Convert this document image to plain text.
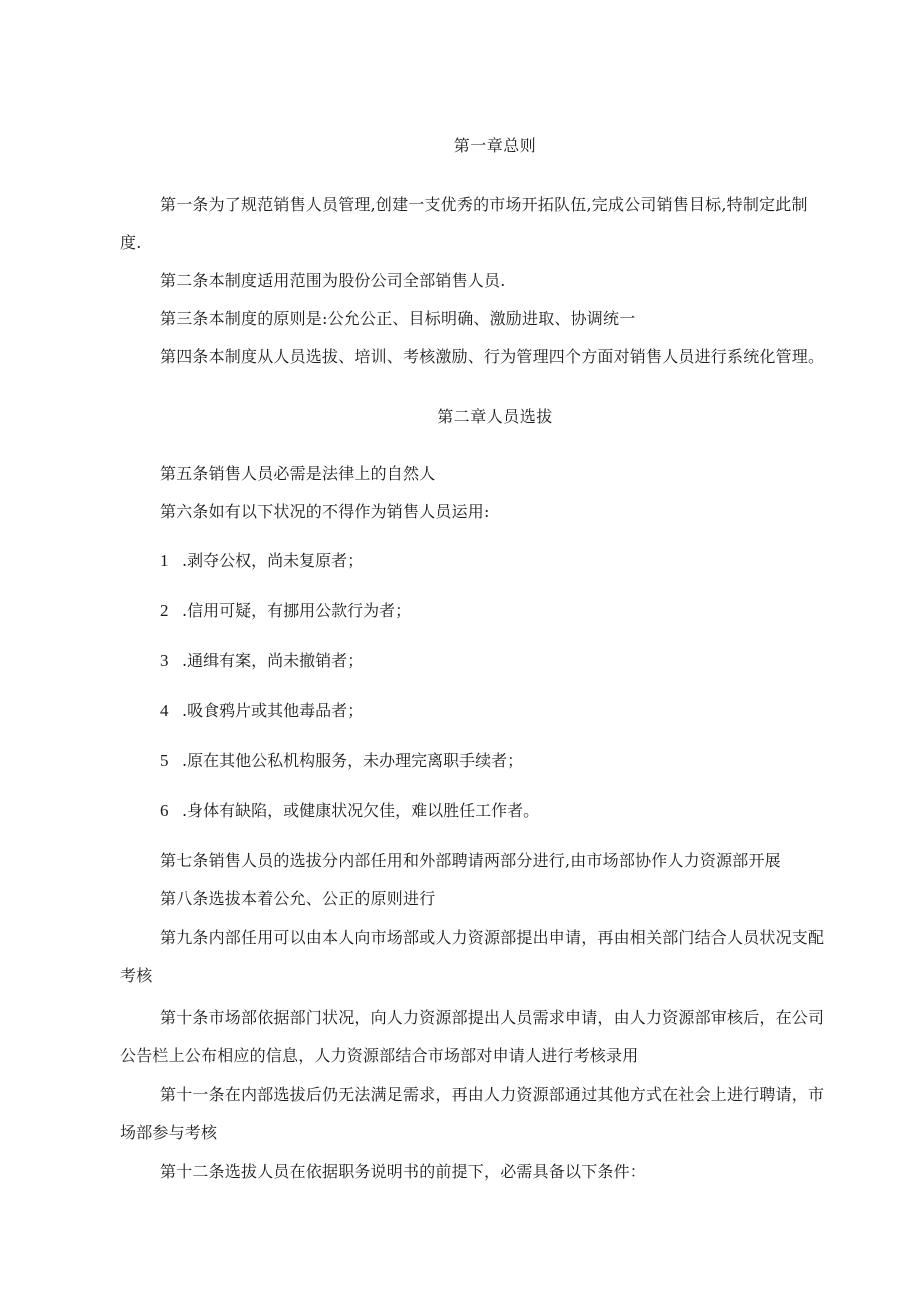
第一章总则
第一条为了规范销售人员管理,创建一支优秀的市场开拓队伍,完成公司销售目标,特制定此制
度.
第二条本制度适用范围为股份公司全部销售人员.
第三条本制度的原则是:公允公正、目标明确、激励进取、协调统一
第四条本制度从人员选拔、培训、考核激励、行为管理四个方面对销售人员进行系统化管理。
第二章人员选拔
第五条销售人员必需是法律上的自然人
第六条如有以下状况的不得作为销售人员运用:
1 .剥夺公权，尚未复原者；
2 .信用可疑，有挪用公款行为者；
3 .通缉有案，尚未撤销者；
4 .吸食鸦片或其他毒品者；
5 .原在其他公私机构服务，未办理完离职手续者；
6 .身体有缺陷，或健康状况欠佳，难以胜任工作者。
第七条销售人员的选拔分内部任用和外部聘请两部分进行,由市场部协作人力资源部开展
第八条选拔本着公允、公正的原则进行
第九条内部任用可以由本人向市场部或人力资源部提出申请，再由相关部门结合人员状况支配
考核
第十条市场部依据部门状况，向人力资源部提出人员需求申请，由人力资源部审核后，在公司
公告栏上公布相应的信息，人力资源部结合市场部对申请人进行考核录用
第十一条在内部选拔后仍无法满足需求，再由人力资源部通过其他方式在社会上进行聘请，市
场部参与考核
第十二条选拔人员在依据职务说明书的前提下，必需具备以下条件：
